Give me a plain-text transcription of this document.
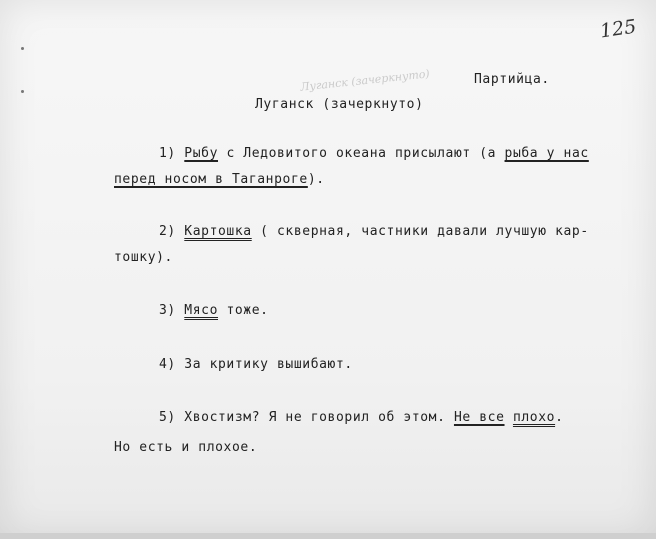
125
Луганск (зачеркнуто)	Партийца.
Луганск (зачеркнуто)
1) Рыбу с Ледовитого океана присылают (а рыба у нас
перед носом в Таганроге).
2) Картошка ( скверная, частники давали лучшую кар-
тошку).
3) Мясо тоже.
4) За критику вышибают.
5) Хвостизм? Я не говорил об этом. Не все плохо.
Но есть и плохое.
